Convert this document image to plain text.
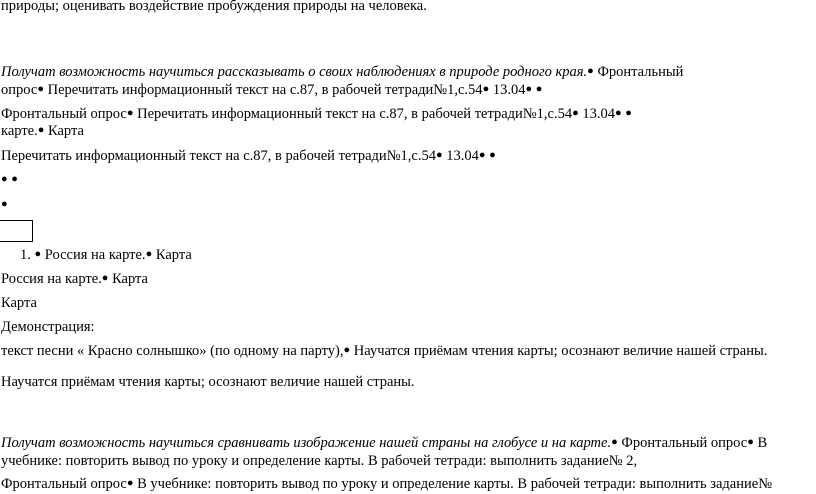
природы; оценивать воздействие пробуждения природы на человека.
Получат возможность научиться рассказывать о своих наблюдениях в природе родного края.● Фронтальный
опрос● Перечитать информационный текст на с.87, в рабочей тетради№1,с.54● 13.04● ●
Фронтальный опрос● Перечитать информационный текст на с.87, в рабочей тетради№1,с.54● 13.04● ●
карте.● Карта
Перечитать информационный текст на с.87, в рабочей тетради№1,с.54● 13.04● ●
● ●
●
1. ● Россия на карте.● Карта
Россия на карте.● Карта
Карта
Демонстрация:
текст песни « Красно солнышко» (по одному на парту),● Научатся приёмам чтения карты; осознают величие нашей страны.
Научатся приёмам чтения карты; осознают величие нашей страны.
Получат возможность научиться сравнивать изображение нашей страны на глобусе и на карте.● Фронтальный опрос● В
учебнике: повторить вывод по уроку и определение карты. В рабочей тетради: выполнить задание№ 2,
Фронтальный опрос● В учебнике: повторить вывод по уроку и определение карты. В рабочей тетради: выполнить задание№
